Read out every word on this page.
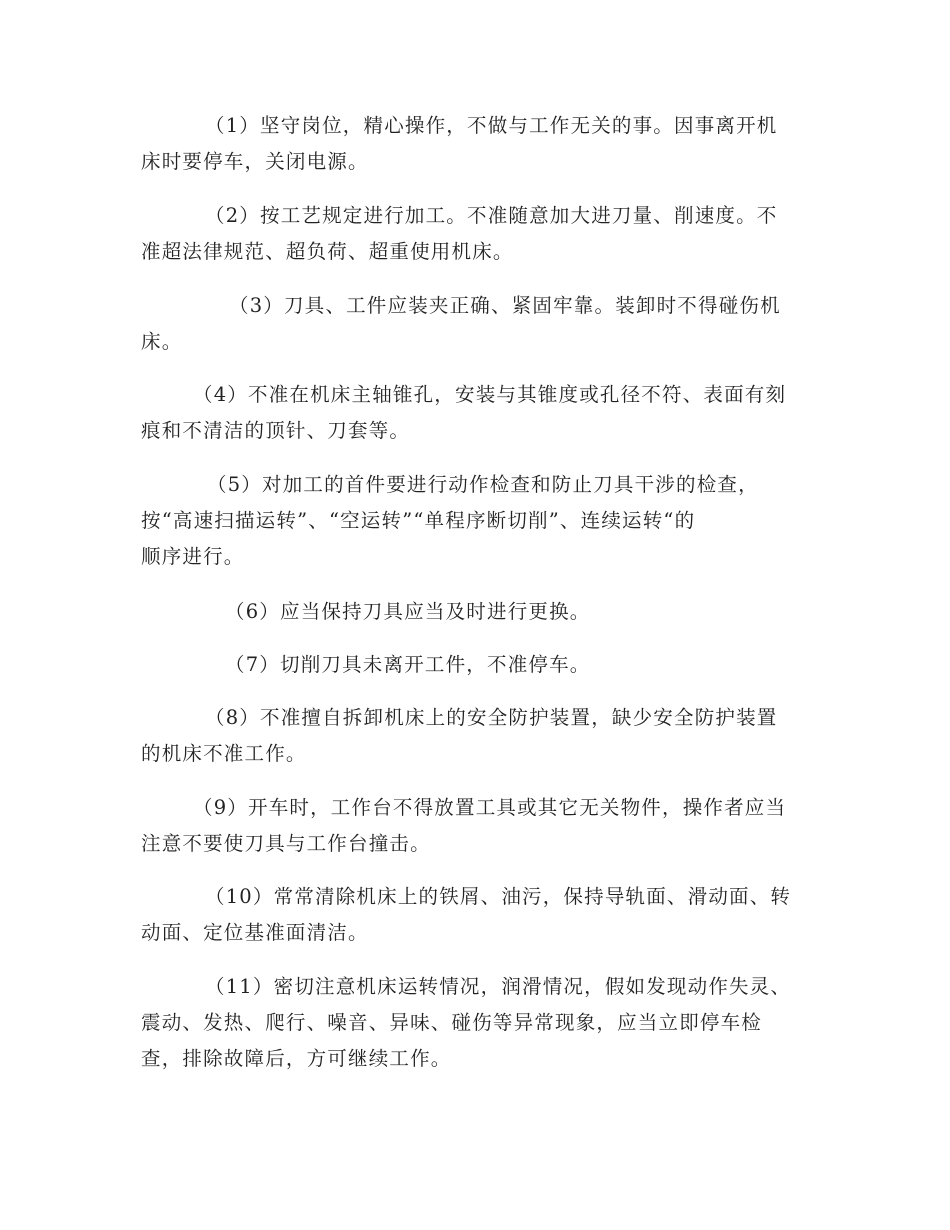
（1）坚守岗位，精心操作，不做与工作无关的事。因事离开机
床时要停车，关闭电源。

（2）按工艺规定进行加工。不准随意加大进刀量、削速度。不
准超法律规范、超负荷、超重使用机床。

（3）刀具、工件应装夹正确、紧固牢靠。装卸时不得碰伤机
床。

（4）不准在机床主轴锥孔，安装与其锥度或孔径不符、表面有刻
痕和不清洁的顶针、刀套等。

（5）对加工的首件要进行动作检查和防止刀具干涉的检查，
按“高速扫描运转”、“空运转”“单程序断切削”、连续运转“的
顺序进行。

（6）应当保持刀具应当及时进行更换。

（7）切削刀具未离开工件，不准停车。

（8）不准擅自拆卸机床上的安全防护装置，缺少安全防护装置
的机床不准工作。

（9）开车时，工作台不得放置工具或其它无关物件，操作者应当
注意不要使刀具与工作台撞击。

（10）常常清除机床上的铁屑、油污，保持导轨面、滑动面、转
动面、定位基准面清洁。

（11）密切注意机床运转情况，润滑情况，假如发现动作失灵、
震动、发热、爬行、噪音、异味、碰伤等异常现象，应当立即停车检
查，排除故障后，方可继续工作。
